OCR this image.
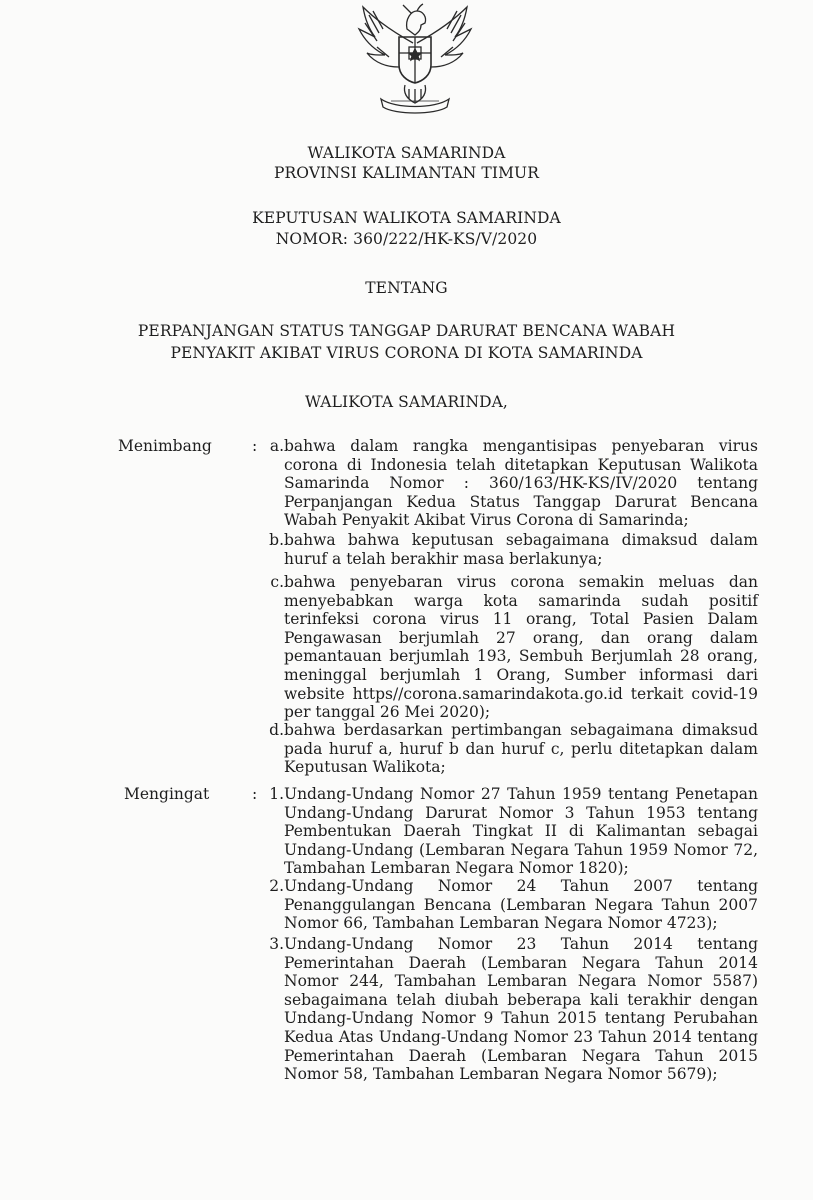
WALIKOTA SAMARINDA
PROVINSI KALIMANTAN TIMUR
KEPUTUSAN WALIKOTA SAMARINDA
NOMOR: 360/222/HK-KS/V/2020
TENTANG
PERPANJANGAN STATUS TANGGAP DARURAT BENCANA WABAH
PENYAKIT AKIBAT VIRUS CORONA DI KOTA SAMARINDA
WALIKOTA SAMARINDA,
Menimbang	: a. bahwa dalam rangka mengantisipas penyebaran virus corona di Indonesia telah ditetapkan Keputusan Walikota Samarinda Nomor : 360/163/HK-KS/IV/2020 tentang Perpanjangan Kedua Status Tanggap Darurat Bencana Wabah Penyakit Akibat Virus Corona di Samarinda;
b. bahwa bahwa keputusan sebagaimana dimaksud dalam huruf a telah berakhir masa berlakunya;
c. bahwa penyebaran virus corona semakin meluas dan menyebabkan warga kota samarinda sudah positif terinfeksi corona virus 11 orang, Total Pasien Dalam Pengawasan berjumlah 27 orang, dan orang dalam pemantauan berjumlah 193, Sembuh Berjumlah 28 orang, meninggal berjumlah 1 Orang, Sumber informasi dari website https//corona.samarindakota.go.id terkait covid-19 per tanggal 26 Mei 2020);
d. bahwa berdasarkan pertimbangan sebagaimana dimaksud pada huruf a, huruf b dan huruf c, perlu ditetapkan dalam Keputusan Walikota;
Mengingat	: 1. Undang-Undang Nomor 27 Tahun 1959 tentang Penetapan Undang-Undang Darurat Nomor 3 Tahun 1953 tentang Pembentukan Daerah Tingkat II di Kalimantan sebagai Undang-Undang (Lembaran Negara Tahun 1959 Nomor 72, Tambahan Lembaran Negara Nomor 1820);
2. Undang-Undang Nomor 24 Tahun 2007 tentang Penanggulangan Bencana (Lembaran Negara Tahun 2007 Nomor 66, Tambahan Lembaran Negara Nomor 4723);
3. Undang-Undang Nomor 23 Tahun 2014 tentang Pemerintahan Daerah (Lembaran Negara Tahun 2014 Nomor 244, Tambahan Lembaran Negara Nomor 5587) sebagaimana telah diubah beberapa kali terakhir dengan Undang-Undang Nomor 9 Tahun 2015 tentang Perubahan Kedua Atas Undang-Undang Nomor 23 Tahun 2014 tentang Pemerintahan Daerah (Lembaran Negara Tahun 2015 Nomor 58, Tambahan Lembaran Negara Nomor 5679);
